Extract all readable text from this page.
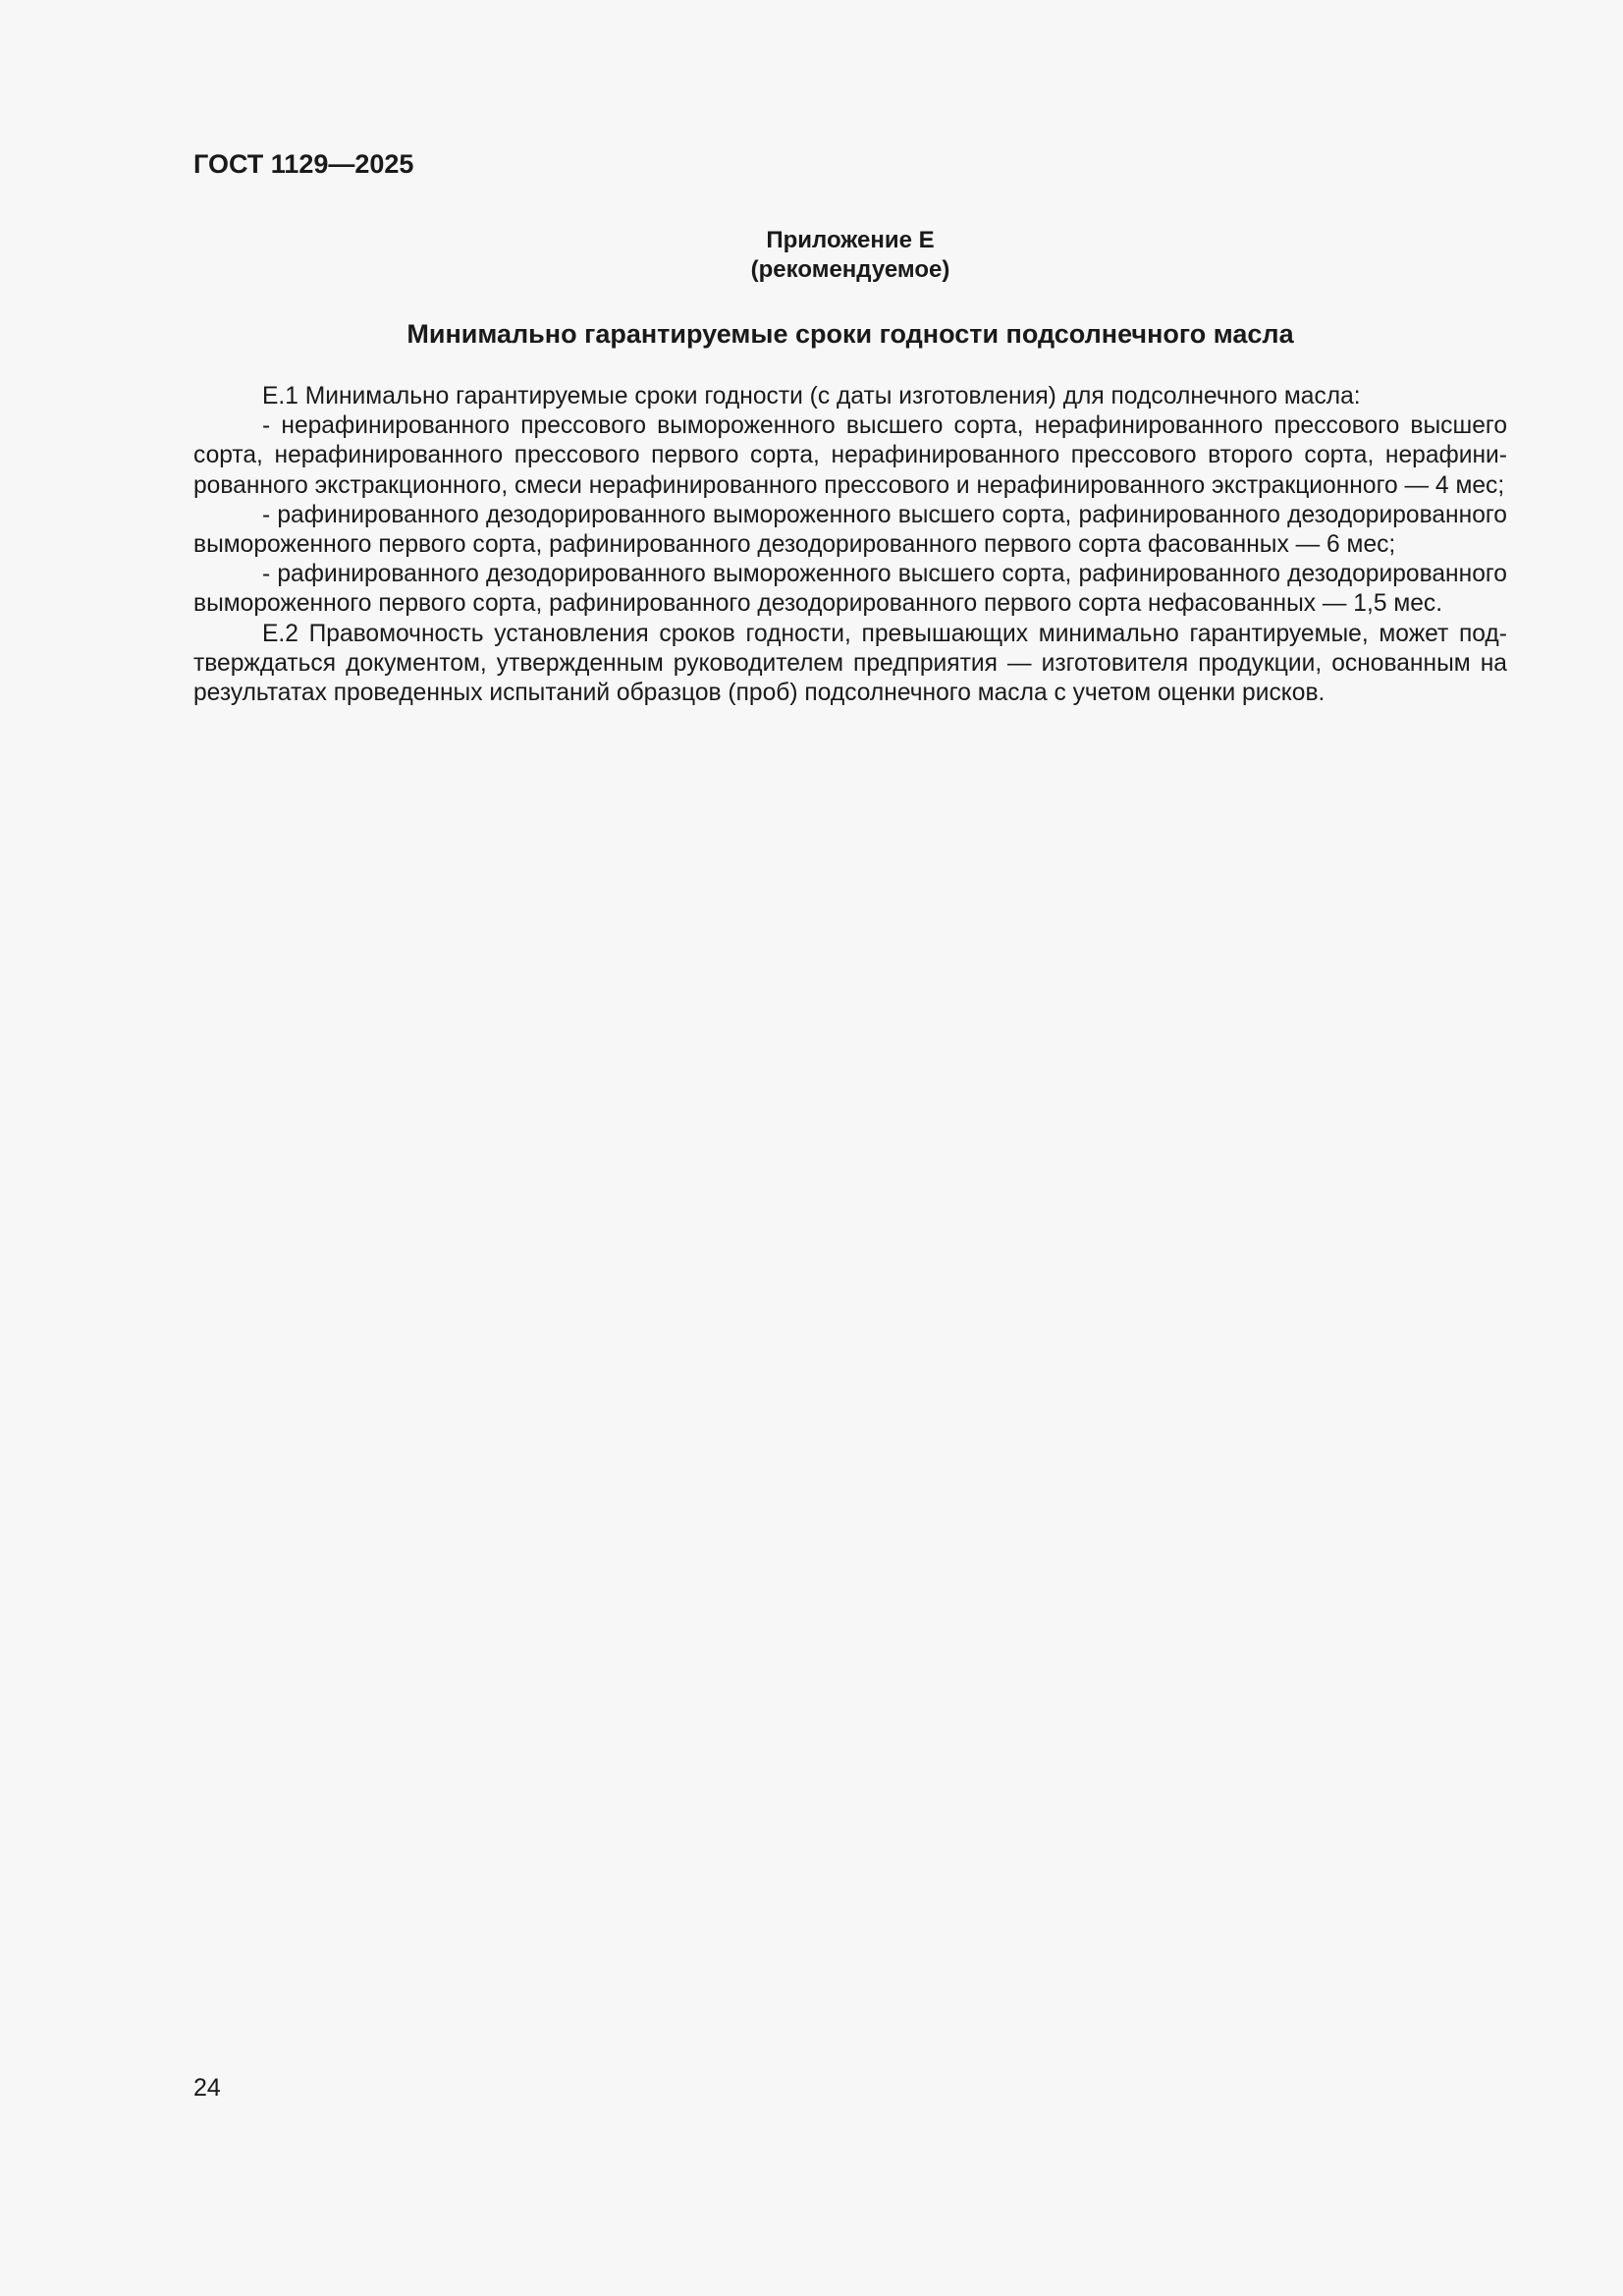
ГОСТ 1129—2025
Приложение Е
(рекомендуемое)
Минимально гарантируемые сроки годности подсолнечного масла

Е.1 Минимально гарантируемые сроки годности (с даты изготовления) для подсолнечного масла:

- нерафинированного прессового вымороженного высшего сорта, нерафинированного прессового высшего сорта, нерафинированного прессового первого сорта, нерафинированного прессового второго сорта, нерафинированного экстракционного, смеси нерафинированного прессового и нерафинированного экстракционного — 4 мес;

- рафинированного дезодорированного вымороженного высшего сорта, рафинированного дезодорированного вымороженного первого сорта, рафинированного дезодорированного первого сорта фасованных — 6 мес;

- рафинированного дезодорированного вымороженного высшего сорта, рафинированного дезодорированного вымороженного первого сорта, рафинированного дезодорированного первого сорта нефасованных — 1,5 мес.

Е.2 Правомочность установления сроков годности, превышающих минимально гарантируемые, может подтверждаться документом, утвержденным руководителем предприятия — изготовителя продукции, основанным на результатах проведенных испытаний образцов (проб) подсолнечного масла с учетом оценки рисков.

24
